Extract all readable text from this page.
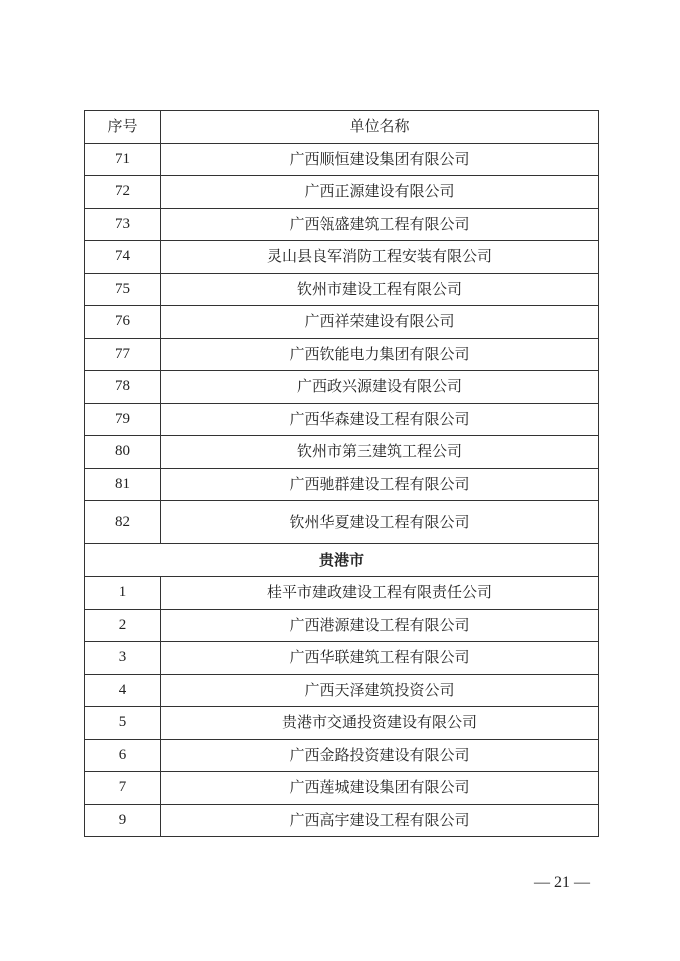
序号	单位名称
71	广西顺恒建设集团有限公司
72	广西正源建设有限公司
73	广西瓴盛建筑工程有限公司
74	灵山县良军消防工程安装有限公司
75	钦州市建设工程有限公司
76	广西祥荣建设有限公司
77	广西钦能电力集团有限公司
78	广西政兴源建设有限公司
79	广西华森建设工程有限公司
80	钦州市第三建筑工程公司
81	广西驰群建设工程有限公司
82	钦州华夏建设工程有限公司
贵港市	
1	桂平市建政建设工程有限责任公司
2	广西港源建设工程有限公司
3	广西华联建筑工程有限公司
4	广西天泽建筑投资公司
5	贵港市交通投资建设有限公司
6	广西金路投资建设有限公司
7	广西莲城建设集团有限公司
9	广西高宇建设工程有限公司
— 21 —
